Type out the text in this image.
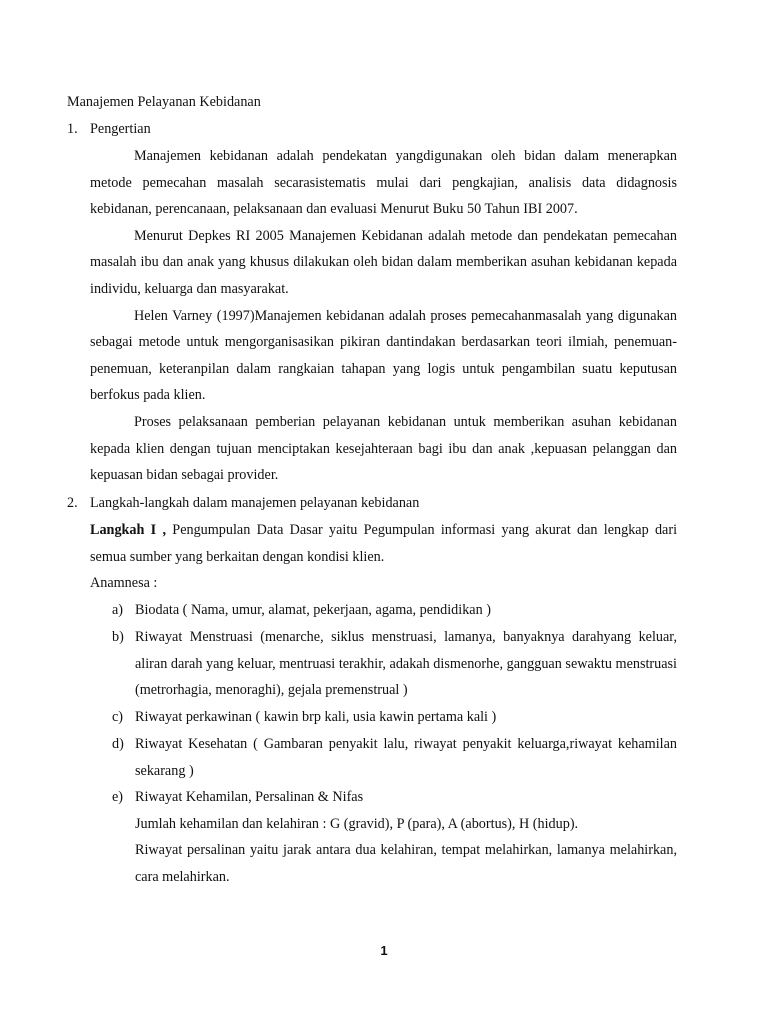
Manajemen Pelayanan Kebidanan
1. Pengertian

Manajemen kebidanan adalah pendekatan yangdigunakan oleh bidan dalam menerapkan metode pemecahan masalah secarasistematis mulai dari pengkajian, analisis data didagnosis kebidanan, perencanaan, pelaksanaan dan evaluasi Menurut Buku 50 Tahun IBI 2007.

Menurut Depkes RI 2005 Manajemen Kebidanan adalah metode dan pendekatan pemecahan masalah ibu dan anak yang khusus dilakukan oleh bidan dalam memberikan asuhan kebidanan kepada individu, keluarga dan masyarakat.

Helen Varney (1997)Manajemen kebidanan adalah proses pemecahanmasalah yang digunakan sebagai metode untuk mengorganisasikan pikiran dantindakan berdasarkan teori ilmiah, penemuan-penemuan, keteranpilan dalam rangkaian tahapan yang logis untuk pengambilan suatu keputusan berfokus pada klien.

Proses pelaksanaan pemberian pelayanan kebidanan untuk memberikan asuhan kebidanan kepada klien dengan tujuan menciptakan kesejahteraan bagi ibu dan anak ,kepuasan pelanggan dan kepuasan bidan sebagai provider.

2. Langkah-langkah dalam manajemen pelayanan kebidanan

Langkah I , Pengumpulan Data Dasar yaitu Pegumpulan informasi yang akurat dan lengkap dari semua sumber yang berkaitan dengan kondisi klien.

Anamnesa :
a) Biodata ( Nama, umur, alamat, pekerjaan, agama, pendidikan )

b) Riwayat Menstruasi (menarche, siklus menstruasi, lamanya, banyaknya darahyang keluar, aliran darah yang keluar, mentruasi terakhir, adakah dismenorhe, gangguan sewaktu menstruasi (metrorhagia, menoraghi), gejala premenstrual )

c) Riwayat perkawinan ( kawin brp kali, usia kawin pertama kali )

d) Riwayat Kesehatan ( Gambaran penyakit lalu, riwayat penyakit keluarga,riwayat kehamilan sekarang )

e) Riwayat Kehamilan, Persalinan & Nifas

Jumlah kehamilan dan kelahiran : G (gravid), P (para), A (abortus), H (hidup).

Riwayat persalinan yaitu jarak antara dua kelahiran, tempat melahirkan, lamanya melahirkan, cara melahirkan.

1
